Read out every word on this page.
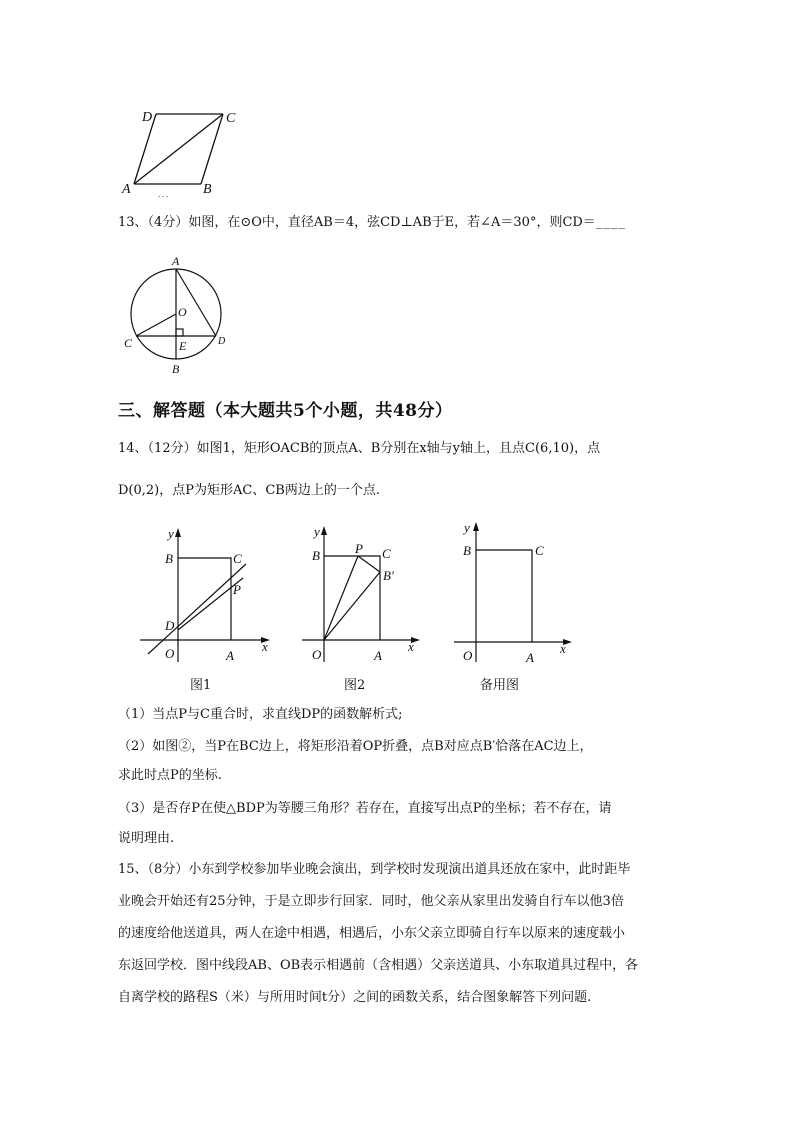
. . .
A	B
C
D
13、（4分）如图，在⊙O中，直径AB＝4，弦CD⊥AB于E，若∠A＝30°，则CD＝____
A
O
C	D
E
B
三、解答题（本大题共5个小题，共48分）
14、（12分）如图1，矩形OACB的顶点A、B分别在x轴与y轴上，且点C(6,10)，点
D(0,2)，点P为矩形AC、CB两边上的一个点.
y
x
B	C
P
D
O	A
图1
y
x
B	P C
B′
O	A
图2
y
x
B	C
O	A
备用图
（1）当点P与C重合时，求直线DP的函数解析式;
（2）如图②，当P在BC边上，将矩形沿着OP折叠，点B对应点B′恰落在AC边上，
求此时点P的坐标.
（3）是否存P在使△BDP为等腰三角形？若存在，直接写出点P的坐标；若不存在，请
说明理由.
15、（8分）小东到学校参加毕业晚会演出，到学校时发现演出道具还放在家中，此时距毕
业晚会开始还有25分钟，于是立即步行回家．同时，他父亲从家里出发骑自行车以他3倍
的速度给他送道具，两人在途中相遇，相遇后，小东父亲立即骑自行车以原来的速度载小
东返回学校．图中线段AB、OB表示相遇前（含相遇）父亲送道具、小东取道具过程中，各
自离学校的路程S（米）与所用时间t分）之间的函数关系，结合图象解答下列问题.
